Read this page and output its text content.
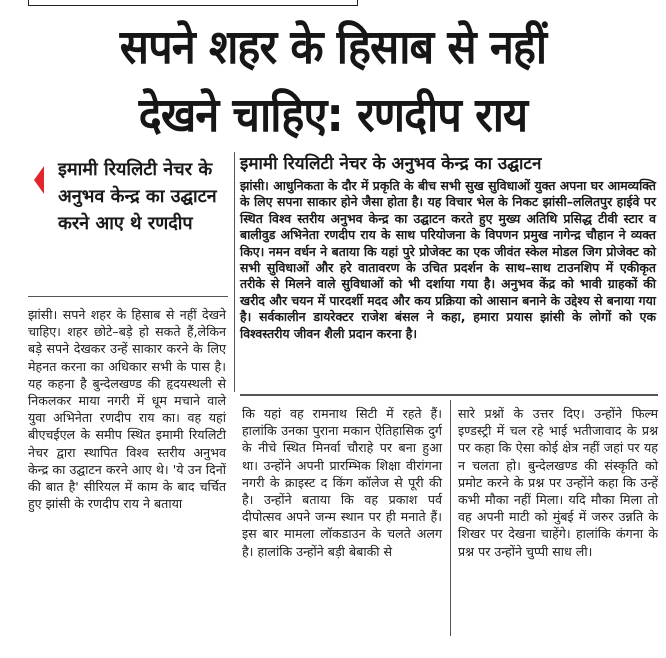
सपने शहर के हिसाब से नहीं
देखने चाहिए: रणदीप राय
इमामी रियलिटी नेचर के अनुभव केन्द्र का उद्घाटन करने आए थे रणदीप
इमामी रियलिटी नेचर के अनुभव केन्द्र का उद्घाटन
झांसी। आधुनिकता के दौर में प्रकृति के बीच सभी सुख सुविधाओं युक्त अपना घर आमव्यक्ति के लिए सपना साकार होने जैसा होता है। यह विचार भेल के निकट झांसी–ललितपुर हाईवे पर स्थित विश्व स्तरीय अनुभव केन्द्र का उद्घाटन करते हुए मुख्य अतिथि प्रसिद्ध टीवी स्टार व बालीवुड अभिनेता रणदीप राय के साथ परियोजना के विपणन प्रमुख नागेन्द्र चौहान ने व्यक्त किए। नमन वर्धन ने बताया कि यहां पुरे प्रोजेक्ट का एक जीवंत स्केल मोडल जिग प्रोजेक्ट को सभी सुविधाओं और हरे वातावरण के उचित प्रदर्शन के साथ–साथ टाउनशिप में एकीकृत तरीके से मिलने वाले सुविधाओं को भी दर्शाया गया है। अनुभव केंद्र को भावी ग्राहकों की खरीद और चयन में पारदर्शी मदद और कय प्रक्रिया को आसान बनाने के उद्देश्य से बनाया गया है। सर्वकालीन डायरेक्टर राजेश बंसल ने कहा, हमारा प्रयास झांसी के लोगों को एक विश्वस्तरीय जीवन शैली प्रदान करना है।
झांसी। सपने शहर के हिसाब से नहीं देखने चाहिए। शहर छोटे–बड़े हो सकते हैं,लेकिन बड़े सपने देखकर उन्हें साकार करने के लिए मेहनत करना का अधिकार सभी के पास है। यह कहना है बुन्देलखण्ड की हृदयस्थली से निकलकर माया नगरी में धूम मचाने वाले युवा अभिनेता रणदीप राय का। वह यहां बीएचईएल के समीप स्थित इमामी रियलिटी नेचर द्वारा स्थापित विश्व स्तरीय अनुभव केन्द्र का उद्घाटन करने आए थे। 'ये उन दिनों की बात है' सीरियल में काम के बाद चर्चित हुए झांसी के रणदीप राय ने बताया
कि यहां वह रामनाथ सिटी में रहते हैं। हालांकि उनका पुराना मकान ऐतिहासिक दुर्ग के नीचे स्थित मिनर्वा चौराहे पर बना हुआ था। उन्होंने अपनी प्रारम्भिक शिक्षा वीरांगना नगरी के क्राइस्ट द किंग कॉलेज से पूरी की है। उन्होंने बताया कि वह प्रकाश पर्व दीपोत्सव अपने जन्म स्थान पर ही मनाते हैं। इस बार मामला लॉकडाउन के चलते अलग है। हालांकि उन्होंने बड़ी बेबाकी से
सारे प्रश्नों के उत्तर दिए। उन्होंने फिल्म इण्डस्ट्री में चल रहे भाई भतीजावाद के प्रश्न पर कहा कि ऐसा कोई क्षेत्र नहीं जहां पर यह न चलता हो। बुन्देलखण्ड की संस्कृति को प्रमोट करने के प्रश्न पर उन्होंने कहा कि उन्हें कभी मौका नहीं मिला। यदि मौका मिला तो वह अपनी माटी को मुंबई में जरुर उन्नति के शिखर पर देखना चाहेंगे। हालांकि कंगना के प्रश्न पर उन्होंने चुप्पी साध ली।
